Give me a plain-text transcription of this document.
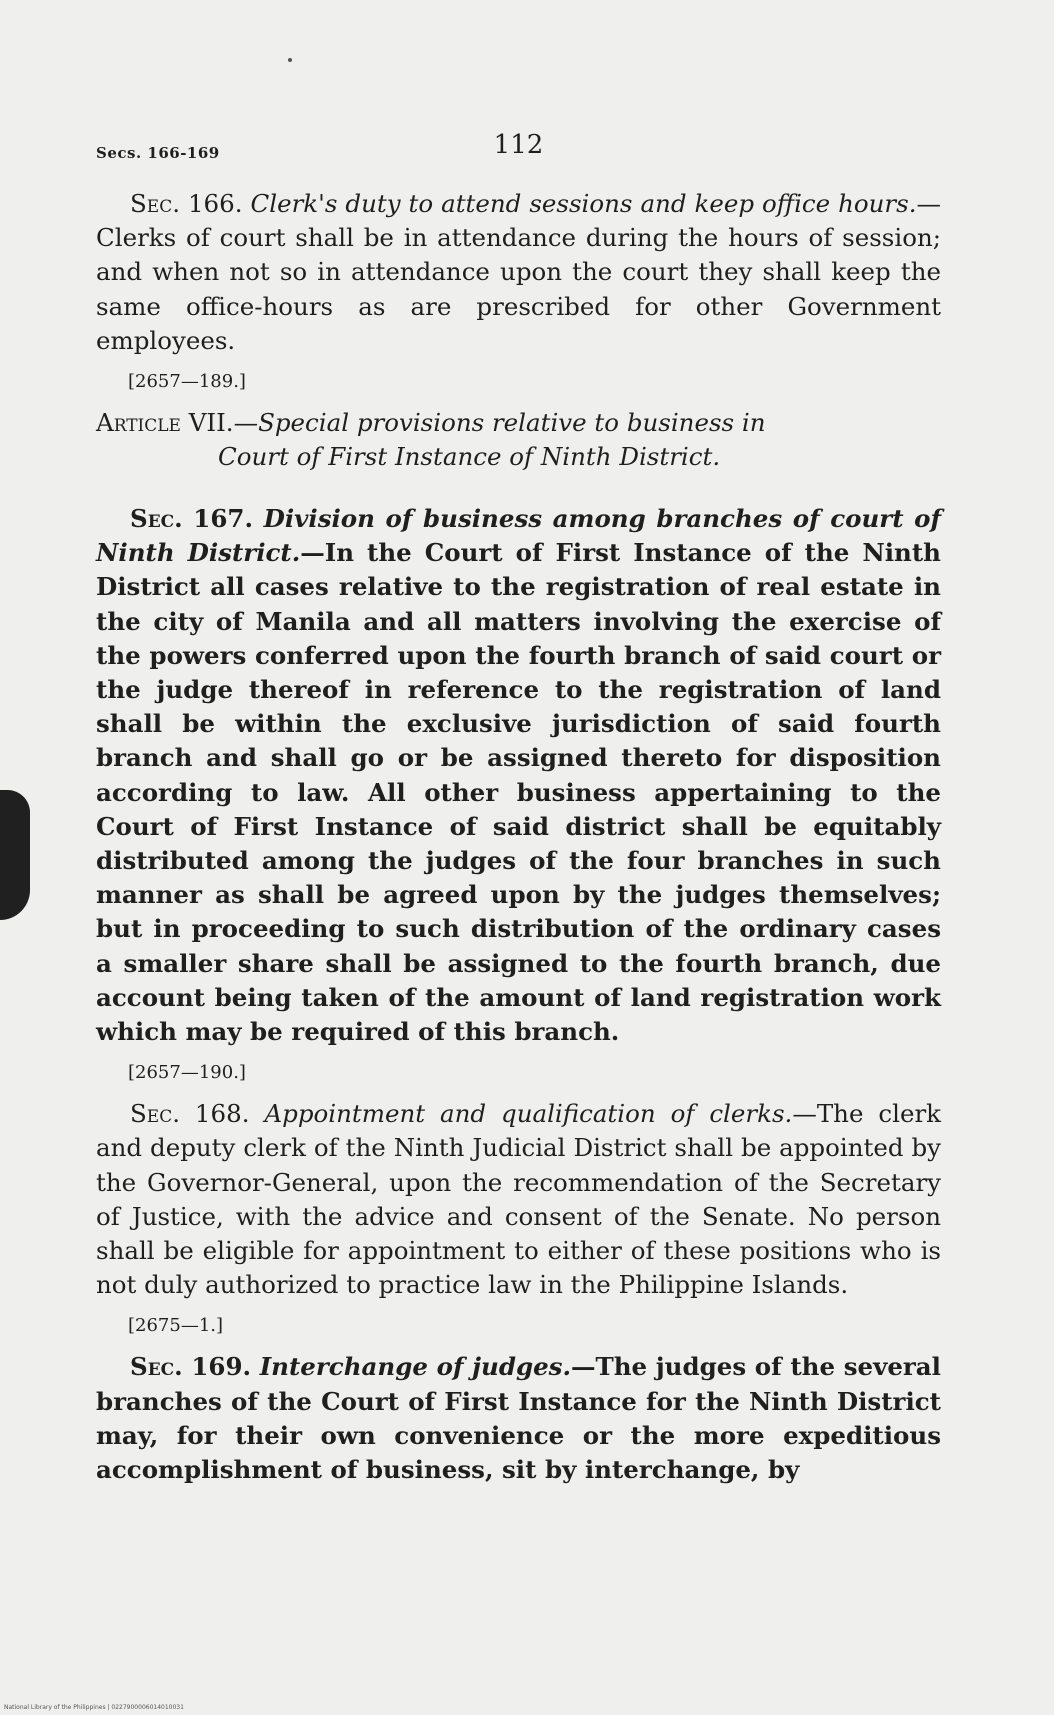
Secs. 166-169	112

Sec. 166. Clerk's duty to attend sessions and keep office hours.—Clerks of court shall be in attendance during the hours of session; and when not so in attendance upon the court they shall keep the same office-hours as are prescribed for other Government employees.

[2657—189.]
Article VII.—Special provisions relative to business in
Court of First Instance of Ninth District.

Sec. 167. Division of business among branches of court of Ninth District.—In the Court of First Instance of the Ninth District all cases relative to the registration of real estate in the city of Manila and all matters involving the exercise of the powers conferred upon the fourth branch of said court or the judge thereof in reference to the registration of land shall be within the exclusive jurisdiction of said fourth branch and shall go or be assigned thereto for disposition according to law. All other business appertaining to the Court of First Instance of said district shall be equitably distributed among the judges of the four branches in such manner as shall be agreed upon by the judges themselves; but in proceeding to such distribution of the ordinary cases a smaller share shall be assigned to the fourth branch, due account being taken of the amount of land registration work which may be required of this branch.

[2657—190.]

Sec. 168. Appointment and qualification of clerks.—The clerk and deputy clerk of the Ninth Judicial District shall be appointed by the Governor-General, upon the recommendation of the Secretary of Justice, with the advice and consent of the Senate. No person shall be eligible for appointment to either of these positions who is not duly authorized to practice law in the Philippine Islands.

[2675—1.]

Sec. 169. Interchange of judges.—The judges of the several branches of the Court of First Instance for the Ninth District may, for their own convenience or the more expeditious accomplishment of business, sit by interchange, by

National Library of the Philippines | 0227900006014010031
